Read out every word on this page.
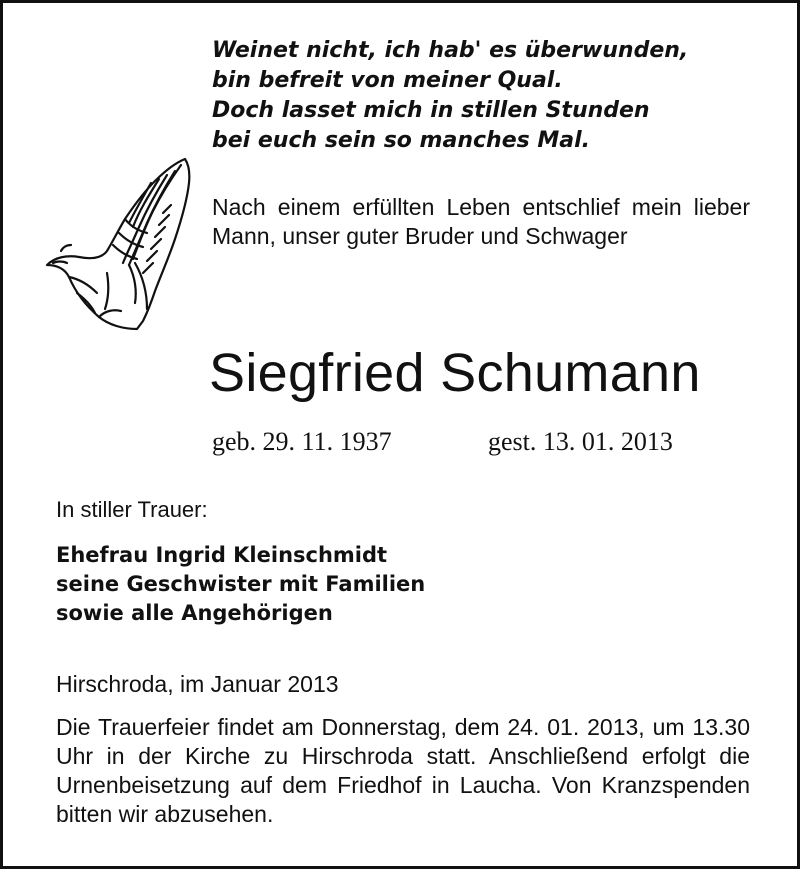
Weinet nicht, ich hab' es überwunden,
bin befreit von meiner Qual.
Doch lasset mich in stillen Stunden
bei euch sein so manches Mal.

Nach einem erfüllten Leben entschlief mein lieber Mann, unser guter Bruder und Schwager

Siegfried Schumann
geb. 29. 11. 1937	gest. 13. 01. 2013

In stiller Trauer:

Ehefrau Ingrid Kleinschmidt
seine Geschwister mit Familien
sowie alle Angehörigen

Hirschroda, im Januar 2013

Die Trauerfeier findet am Donnerstag, dem 24. 01. 2013, um 13.30 Uhr in der Kirche zu Hirschroda statt. Anschließend erfolgt die Urnenbeisetzung auf dem Friedhof in Laucha. Von Kranzspenden bitten wir abzusehen.
